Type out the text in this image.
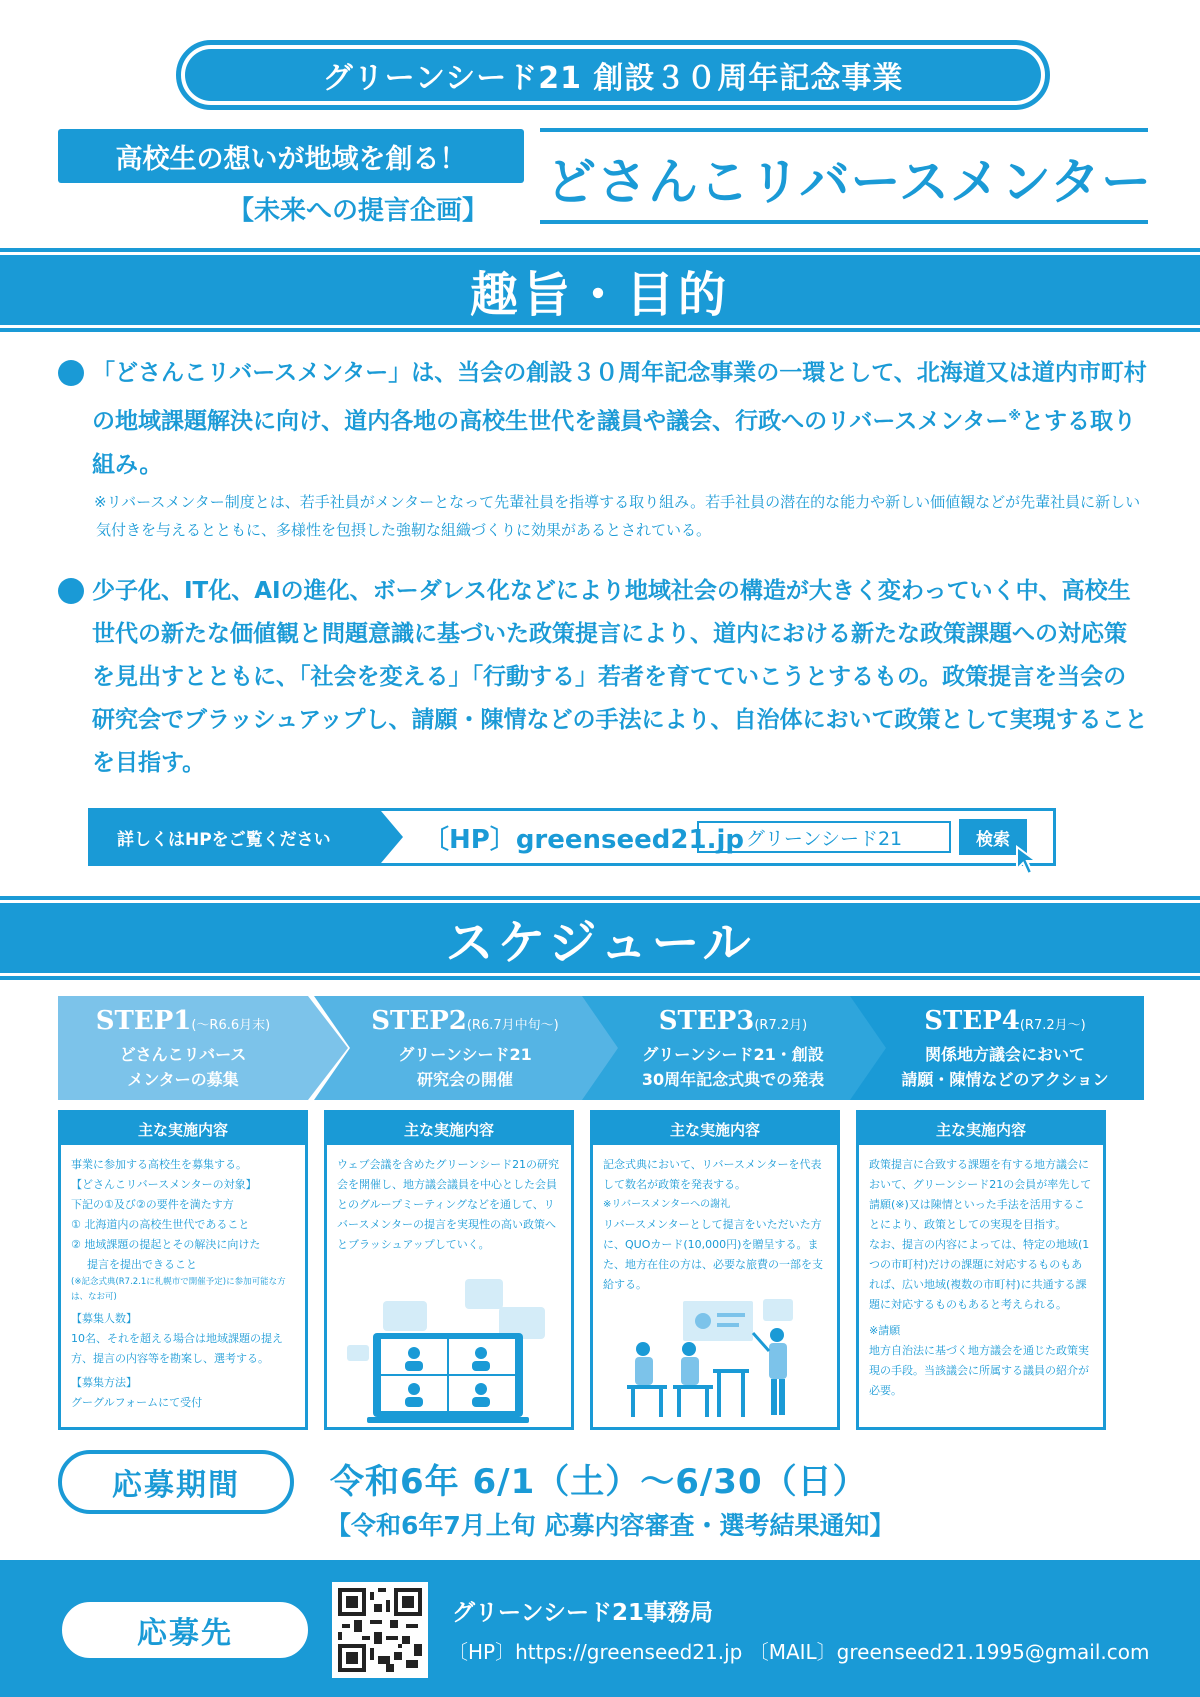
グリーンシード21 創設３０周年記念事業
高校生の想いが地域を創る！
【未来への提言企画】 どさんこリバースメンター
趣旨・目的
「どさんこリバースメンター」は、当会の創設３０周年記念事業の一環として、北海道又は道内市町村の地域課題解決に向け、道内各地の高校生世代を議員や議会、行政へのリバースメンター※とする取り組み。
※リバースメンター制度とは、若手社員がメンターとなって先輩社員を指導する取り組み。若手社員の潜在的な能力や新しい価値観などが先輩社員に新しい気付きを与えるとともに、多様性を包摂した強靭な組織づくりに効果があるとされている。
少子化、IT化、AIの進化、ボーダレス化などにより地域社会の構造が大きく変わっていく中、高校生世代の新たな価値観と問題意識に基づいた政策提言により、道内における新たな政策課題への対応策を見出すとともに、「社会を変える」「行動する」若者を育てていこうとするもの。政策提言を当会の研究会でブラッシュアップし、請願・陳情などの手法により、自治体において政策として実現することを目指す。
詳しくはHPをご覧ください	〔HP〕greenseed21.jp グリーンシード21	検索
スケジュール
STEP1(～R6.6月末)
どさんこリバース
メンターの募集
STEP2(R6.7月中旬～)
グリーンシード21
研究会の開催
STEP3(R7.2月)
グリーンシード21・創設
30周年記念式典での発表
STEP4(R7.2月～)
関係地方議会において
請願・陳情などのアクション
主な実施内容
事業に参加する高校生を募集する。
【どさんこリバースメンターの対象】
下記の①及び②の要件を満たす方
① 北海道内の高校生世代であること
② 地域課題の提起とその解決に向けた
提言を提出できること
(※記念式典(R7.2.1に札幌市で開催予定)に参加可能な方は、なお可)
【募集人数】
10名、それを超える場合は地域課題の提え方、提言の内容等を勘案し、選考する。
【募集方法】
グーグルフォームにて受付
主な実施内容
ウェブ会議を含めたグリーンシード21の研究会を開催し、地方議会議員を中心とした会員とのグループミーティングなどを通して、リバースメンターの提言を実現性の高い政策へとブラッシュアップしていく。
主な実施内容
記念式典において、リバースメンターを代表して数名が政策を発表する。
※リバースメンターへの謝礼
リバースメンターとして提言をいただいた方に、QUOカード(10,000円)を贈呈する。また、地方在住の方は、必要な旅費の一部を支給する。
主な実施内容
政策提言に合致する課題を有する地方議会において、グリーンシード21の会員が率先して請願(※)又は陳情といった手法を活用することにより、政策としての実現を目指す。
なお、提言の内容によっては、特定の地域(1つの市町村)だけの課題に対応するものもあれば、広い地域(複数の市町村)に共通する課題に対応するものもあると考えられる。
※請願
地方自治法に基づく地方議会を通じた政策実現の手段。当該議会に所属する議員の紹介が必要。
応募期間	令和6年 6/1（土）～6/30（日）
【令和6年7月上旬 応募内容審査・選考結果通知】
応募先
グリーンシード21事務局
〔HP〕https://greenseed21.jp 〔MAIL〕greenseed21.1995@gmail.com
